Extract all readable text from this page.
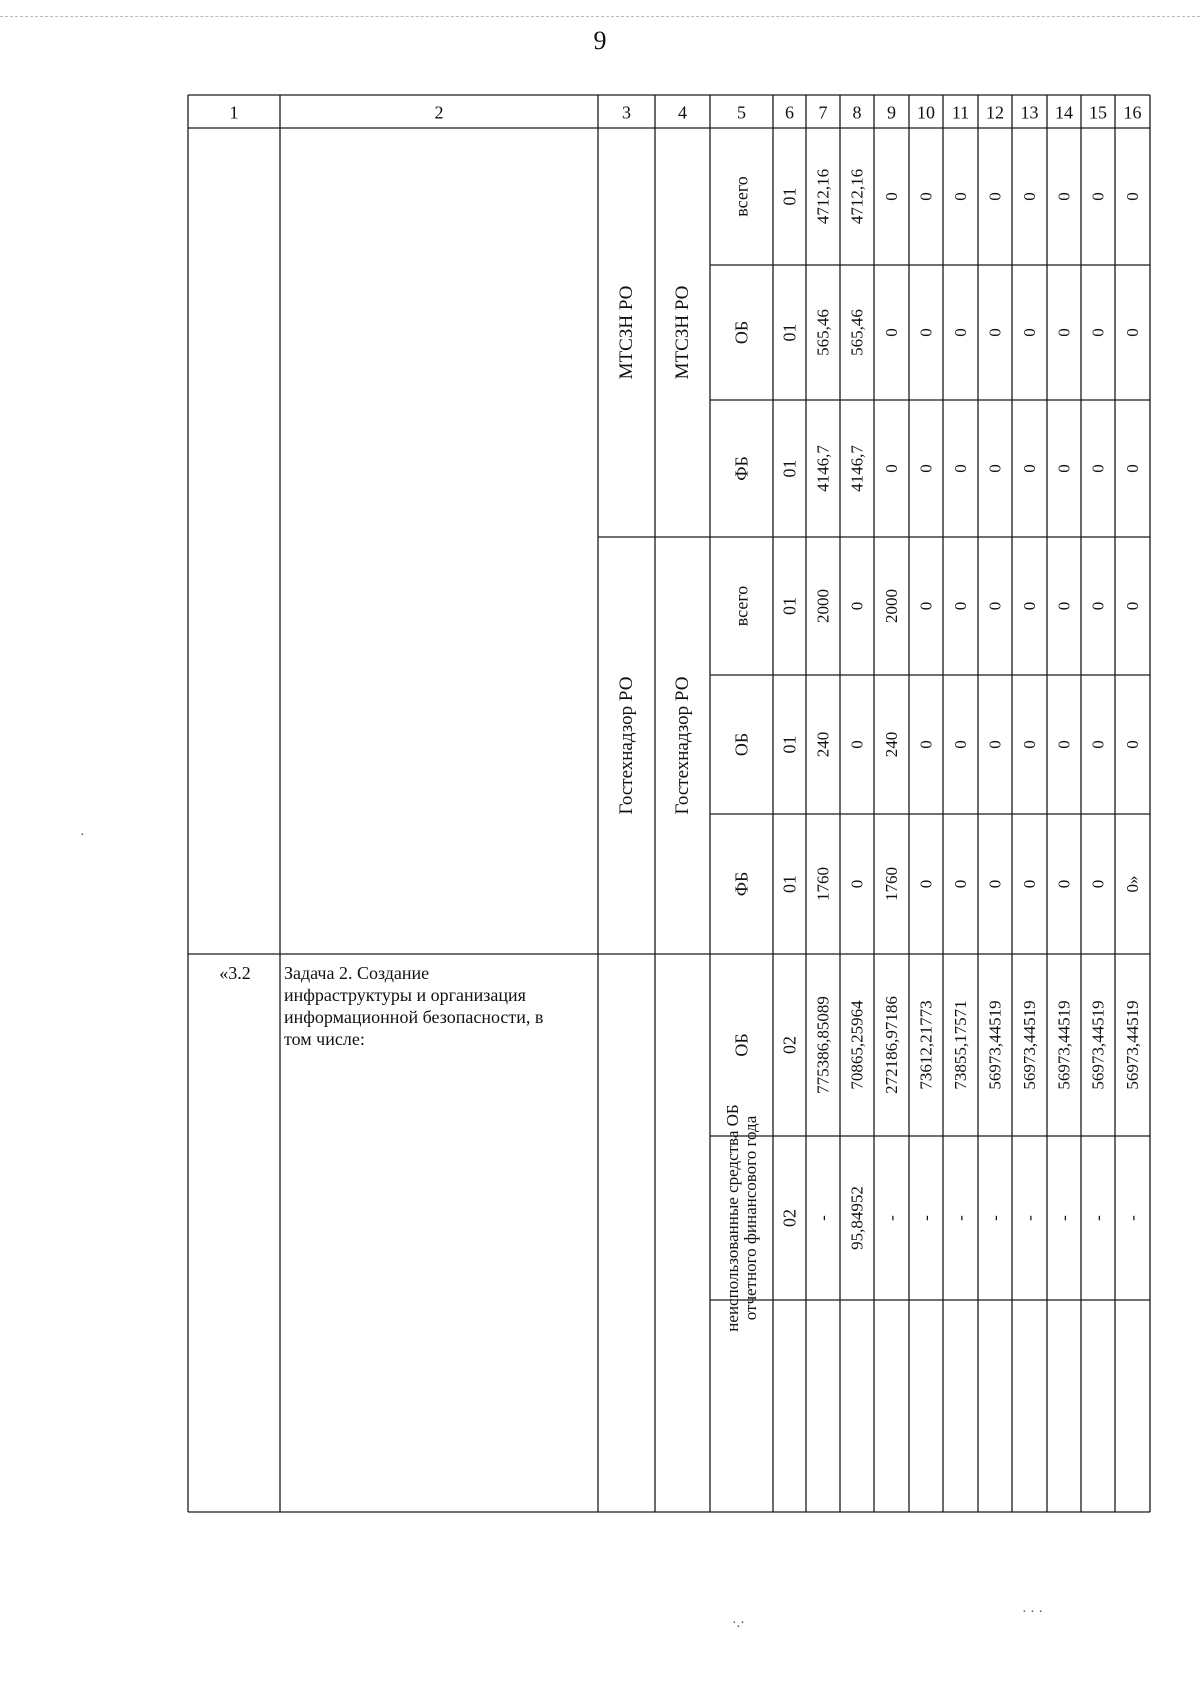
9
1	2	3	4	5 6 7 8 9 10 11 12 13 14 15 16
МТСЗН РО МТСЗН РО
всего 01 4712,16 4712,16 0 0 0 0 0 0 0 0
ОБ 01 565,46 565,46 0 0 0 0 0 0 0 0
ФБ 01 4146,7 4146,7 0 0 0 0 0 0 0 0
Гостехнадзор РО Гостехнадзор РО
всего 01 2000 0 2000 0 0 0 0 0 0 0
ОБ 01 240 0 240 0 0 0 0 0 0 0
ФБ 01 1760 0 1760 0 0 0 0 0 0 0»
«3.2 Задача 2. Создание
инфраструктуры и организация
информационной безопасности, в
том числе:	ОБ 02 775386,85089 70865,25964 272186,97186 73612,21773 73855,17571 56973,44519 56973,44519 56973,44519 56973,44519 56973,44519
неиспользованные средства ОБ отчетного финансового года 02 - 95,84952 - - - - - - - -
·
·.·
· · ·
